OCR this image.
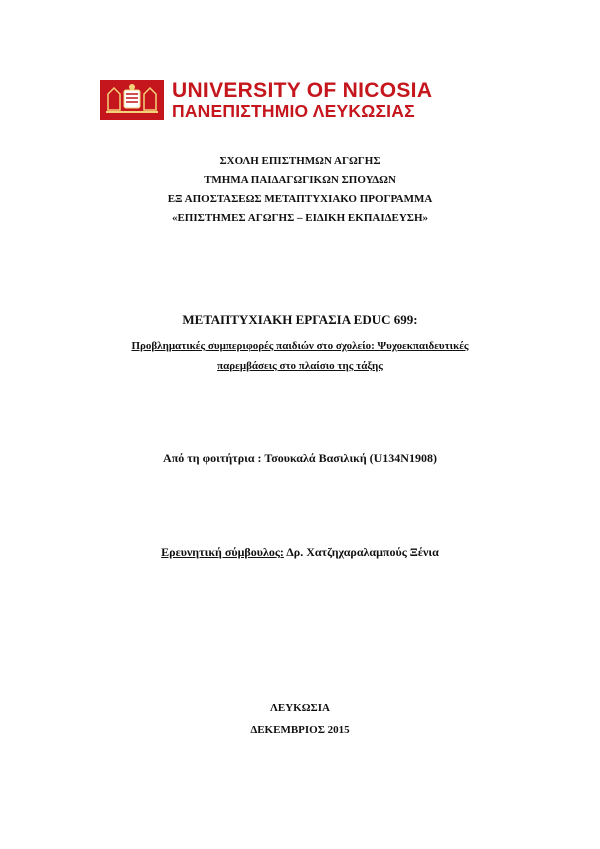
UNIVERSITY OF NICOSIA
ΠΑΝΕΠΙΣΤΗΜΙΟ ΛΕΥΚΩΣΙΑΣ
ΣΧΟΛΗ ΕΠΙΣΤΗΜΩΝ ΑΓΩΓΗΣ
ΤΜΗΜΑ ΠΑΙΔΑΓΩΓΙΚΩΝ ΣΠΟΥΔΩΝ
ΕΞ ΑΠΟΣΤΑΣΕΩΣ ΜΕΤΑΠΤΥΧΙΑΚΟ ΠΡΟΓΡΑΜΜΑ
«ΕΠΙΣΤΗΜΕΣ ΑΓΩΓΗΣ – ΕΙΔΙΚΗ ΕΚΠΑΙΔΕΥΣΗ»
ΜΕΤΑΠΤΥΧΙΑΚΗ ΕΡΓΑΣΙΑ EDUC 699:
Προβληματικές συμπεριφορές παιδιών στο σχολείο: Ψυχοεκπαιδευτικές
παρεμβάσεις στο πλαίσιο της τάξης
Από τη φοιτήτρια : Τσουκαλά Βασιλική (U134N1908)
Ερευνητική σύμβουλος: Δρ. Χατζηχαραλαμπούς Ξένια
ΛΕΥΚΩΣΙΑ
ΔΕΚΕΜΒΡΙΟΣ 2015
